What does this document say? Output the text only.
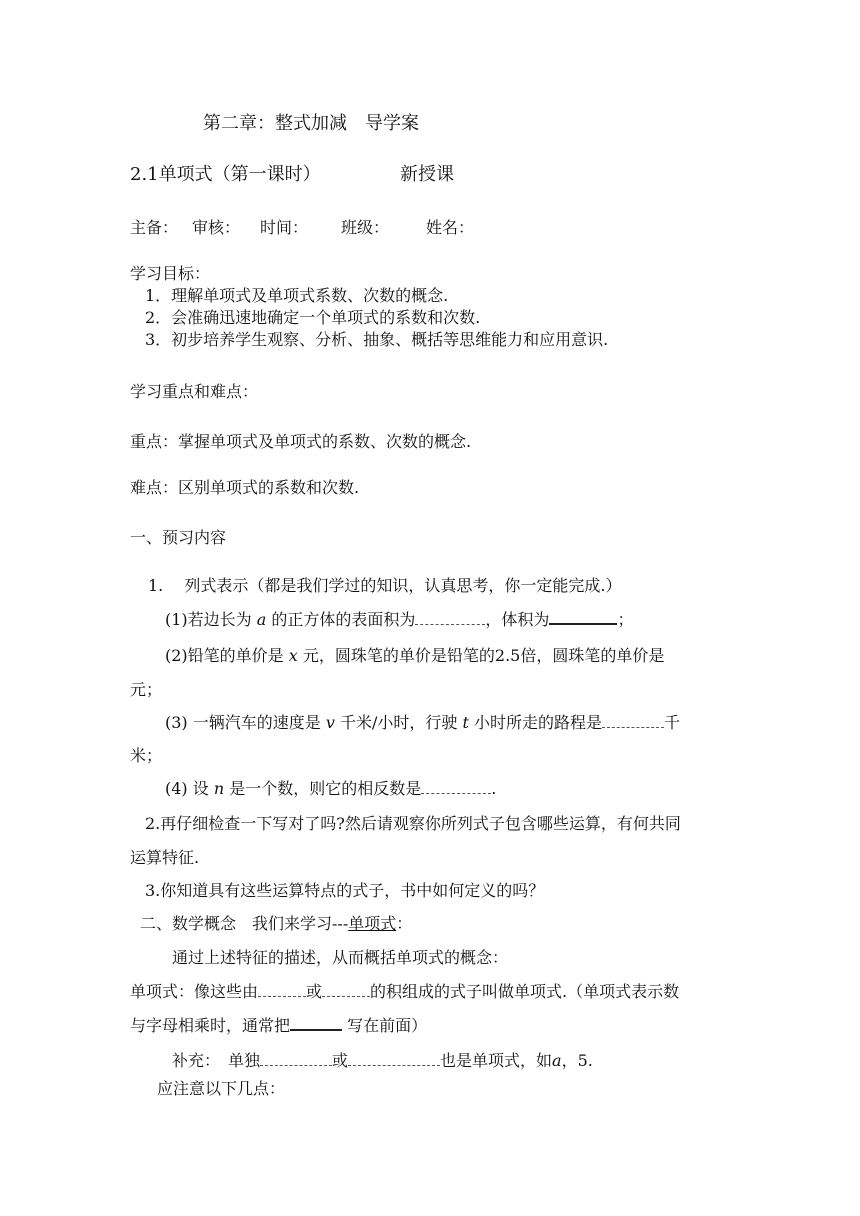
第二章：整式加减　导学案
2.1单项式（第一课时）	新授课
主备： 审核： 时间： 班级： 姓名：
学习目标：
1．理解单项式及单项式系数、次数的概念.
2．会准确迅速地确定一个单项式的系数和次数.
3．初步培养学生观察、分析、抽象、概括等思维能力和应用意识.
学习重点和难点：
重点：掌握单项式及单项式的系数、次数的概念.
难点：区别单项式的系数和次数.
一、预习内容
1.　 列式表示（都是我们学过的知识，认真思考，你一定能完成.）
(1)若边长为 a 的正方体的表面积为	，体积为	；
(2)铅笔的单价是 x 元，圆珠笔的单价是铅笔的2.5倍，圆珠笔的单价是
元；
(3) 一辆汽车的速度是 v 千米/小时，行驶 t 小时所走的路程是	千
米；
(4) 设 n 是一个数，则它的相反数是	.
2.再仔细检查一下写对了吗?然后请观察你所列式子包含哪些运算，有何共同
运算特征.
3.你知道具有这些运算特点的式子，书中如何定义的吗？
二、数学概念　我们来学习---单项式：
通过上述特征的描述，从而概括单项式的概念：
单项式：像这些由	或	的积组成的式子叫做单项式.（单项式表示数
与字母相乘时，通常把	写在前面）
补充：　单独	或	也是单项式，如a，5.
应注意以下几点：
